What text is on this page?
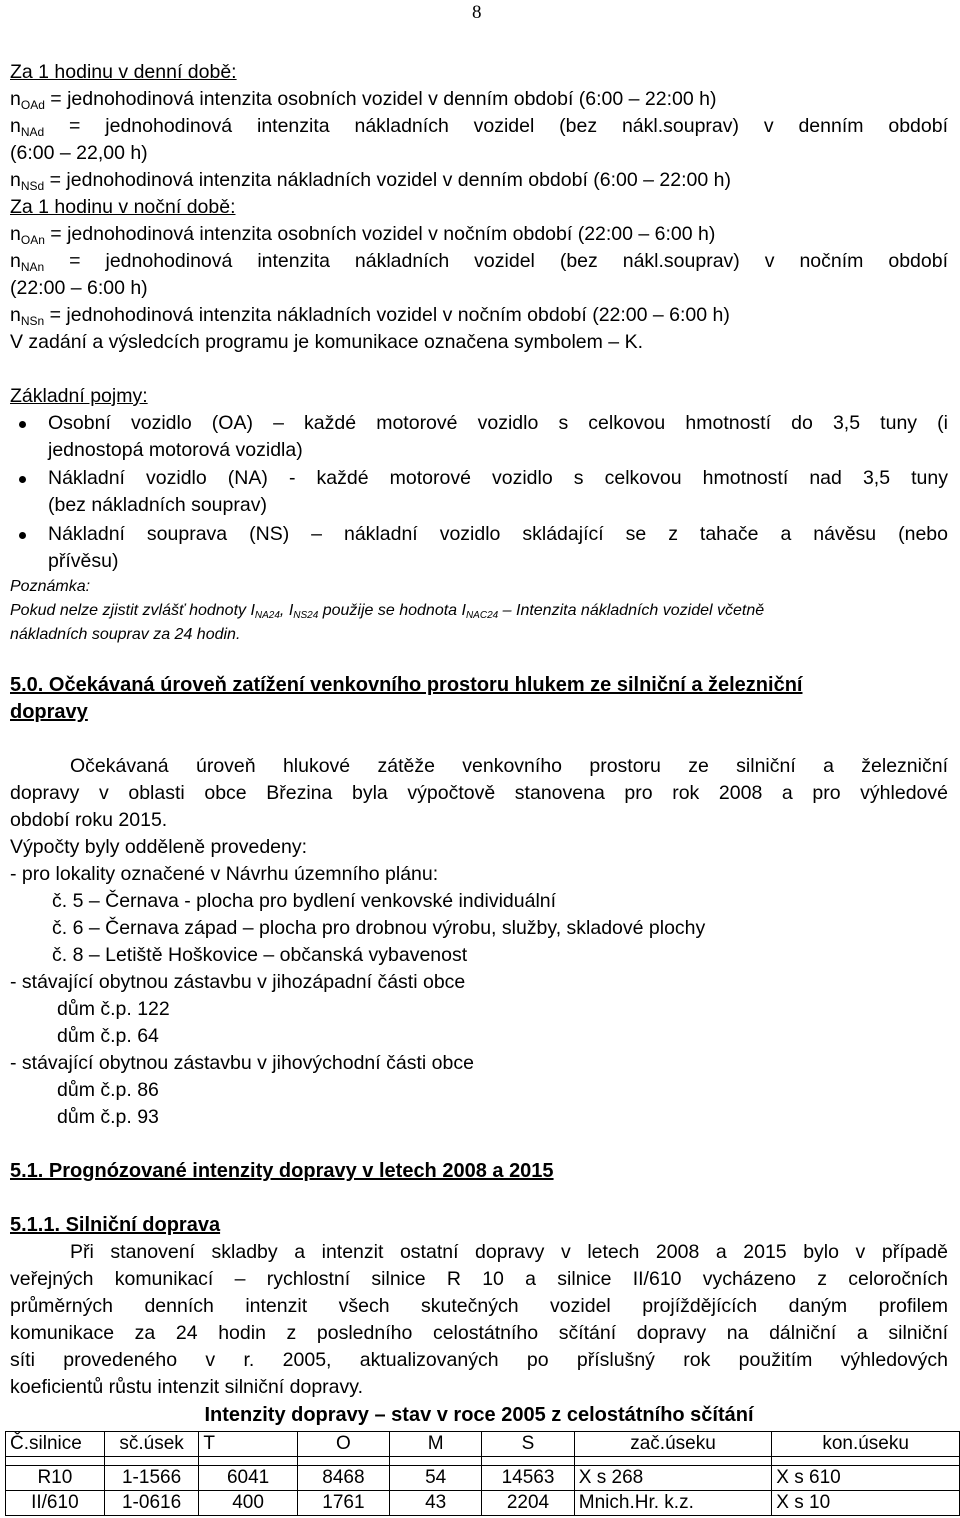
8
Za 1 hodinu v denní době:
$n_{OAd}$ = jednohodinová intenzita osobních vozidel v denním období (6:00 – 22:00 h)
$n_{NAd}$ = jednohodinová intenzita nákladních vozidel (bez nákl.souprav) v denním období
(6:00 – 22,00 h)
$n_{NSd}$ = jednohodinová intenzita nákladních vozidel v denním období (6:00 – 22:00 h)
Za 1 hodinu v noční době:
$n_{OAn}$ = jednohodinová intenzita osobních vozidel v nočním období (22:00 – 6:00 h)
$n_{NAn}$ = jednohodinová intenzita nákladních vozidel (bez nákl.souprav) v nočním období
(22:00 – 6:00 h)
$n_{NSn}$ = jednohodinová intenzita nákladních vozidel v nočním období (22:00 – 6:00 h)
V zadání a výsledcích programu je komunikace označena symbolem – K.
Základní pojmy:
Osobní vozidlo (OA) – každé motorové vozidlo s celkovou hmotností do 3,5 tuny (i
jednostopá motorová vozidla)
Nákladní vozidlo (NA) - každé motorové vozidlo s celkovou hmotností nad 3,5 tuny
(bez nákladních souprav)
Nákladní souprava (NS) – nákladní vozidlo skládající se z tahače a návěsu (nebo
přívěsu)
Poznámka:
Pokud nelze zjistit zvlášť hodnoty INA24, INS24 použije se hodnota INAC24 – Intenzita nákladních vozidel včetně
nákladních souprav za 24 hodin.
5.0. Očekávaná úroveň zatížení venkovního prostoru hlukem ze silniční a železniční
dopravy
Očekávaná úroveň hlukové zátěže venkovního prostoru ze silniční a železniční
dopravy v oblasti obce Březina byla výpočtově stanovena pro rok 2008 a pro výhledové
období roku 2015.
Výpočty byly odděleně provedeny:
- pro lokality označené v Návrhu územního plánu:
č. 5 – Černava - plocha pro bydlení venkovské individuální
č. 6 – Černava západ – plocha pro drobnou výrobu, služby, skladové plochy
č. 8 – Letiště Hoškovice – občanská vybavenost
- stávající obytnou zástavbu v jihozápadní části obce
dům č.p. 122
dům č.p. 64
- stávající obytnou zástavbu v jihovýchodní části obce
dům č.p. 86
dům č.p. 93
5.1. Prognózované intenzity dopravy v letech 2008 a 2015
5.1.1. Silniční doprava
Při stanovení skladby a intenzit ostatní dopravy v letech 2008 a 2015 bylo v případě
veřejných komunikací – rychlostní silnice R 10 a silnice II/610 vycházeno z celoročních
průměrných denních intenzit všech skutečných vozidel projíždějících daným profilem
komunikace za 24 hodin z posledního celostátního sčítání dopravy na dálniční a silniční
síti provedeného v r. 2005, aktualizovaných po příslušný rok použitím výhledových
koeficientů růstu intenzit silniční dopravy.
Intenzity dopravy – stav v roce 2005 z celostátního sčítání
Č.silnice	sč.úsek	T	O	M	S	zač.úseku	kon.úseku

R10	1-1566	6041	8468	54	14563	X s 268	X s 610
II/610	1-0616	400	1761	43	2204	Mnich.Hr. k.z.	X s 10
